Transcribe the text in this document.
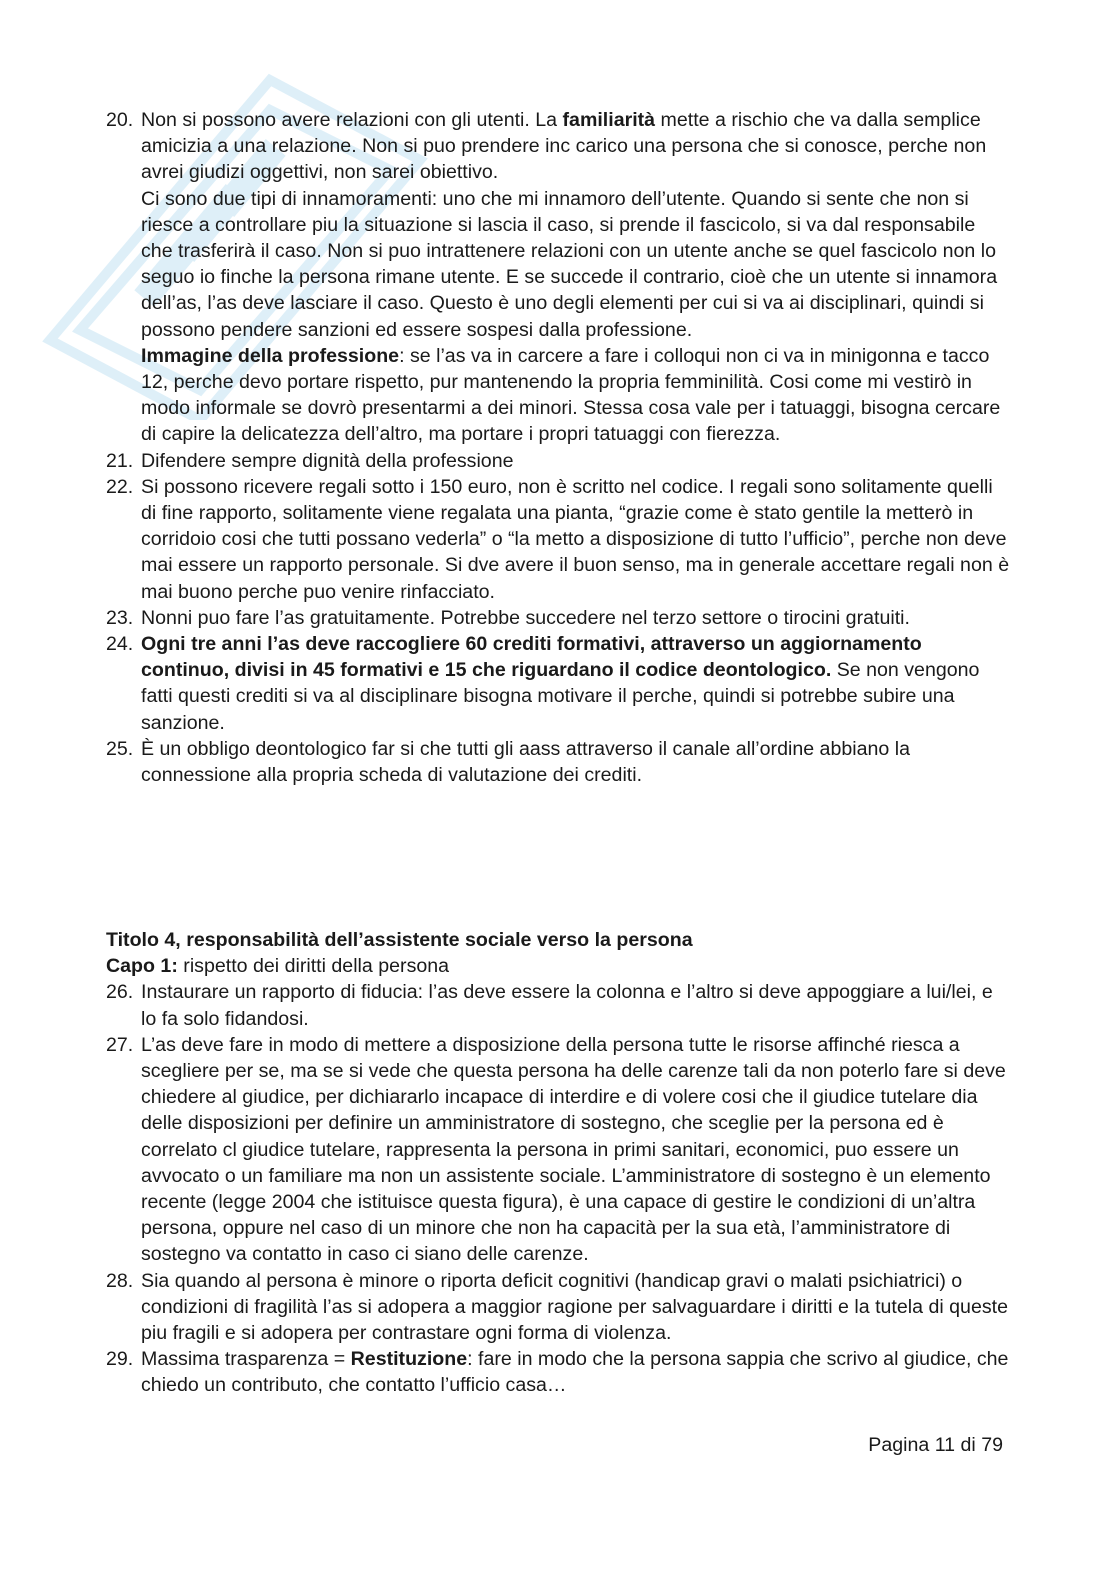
20. Non si possono avere relazioni con gli utenti. La familiarità mette a rischio che va dalla semplice amicizia a una relazione. Non si puo prendere inc carico una persona che si conosce, perche non avrei giudizi oggettivi, non sarei obiettivo.
Ci sono due tipi di innamoramenti: uno che mi innamoro dell’utente. Quando si sente che non si riesce a controllare piu la situazione si lascia il caso, si prende il fascicolo, si va dal responsabile che trasferirà il caso. Non si puo intrattenere relazioni con un utente anche se quel fascicolo non lo seguo io finche la persona rimane utente. E se succede il contrario, cioè che un utente si innamora dell’as, l’as deve lasciare il caso. Questo è uno degli elementi per cui si va ai disciplinari, quindi si possono pendere sanzioni ed essere sospesi dalla professione.
Immagine della professione: se l’as va in carcere a fare i colloqui non ci va in minigonna e tacco 12, perche devo portare rispetto, pur mantenendo la propria femminilità. Cosi come mi vestirò in modo informale se dovrò presentarmi a dei minori. Stessa cosa vale per i tatuaggi, bisogna cercare di capire la delicatezza dell’altro, ma portare i propri tatuaggi con fierezza.
21. Difendere sempre dignità della professione
22. Si possono ricevere regali sotto i 150 euro, non è scritto nel codice. I regali sono solitamente quelli di fine rapporto, solitamente viene regalata una pianta, “grazie come è stato gentile la metterò in corridoio cosi che tutti possano vederla” o “la metto a disposizione di tutto l’ufficio”, perche non deve mai essere un rapporto personale. Si dve avere il buon senso, ma in generale accettare regali non è mai buono perche puo venire rinfacciato.
23. Nonni puo fare l’as gratuitamente. Potrebbe succedere nel terzo settore o tirocini gratuiti.
24. Ogni tre anni l’as deve raccogliere 60 crediti formativi, attraverso un aggiornamento continuo, divisi in 45 formativi e 15 che riguardano il codice deontologico. Se non vengono fatti questi crediti si va al disciplinare bisogna motivare il perche, quindi si potrebbe subire una sanzione.
25. È un obbligo deontologico far si che tutti gli aass attraverso il canale all’ordine abbiano la connessione alla propria scheda di valutazione dei crediti.
Titolo 4, responsabilità dell’assistente sociale verso la persona
Capo 1: rispetto dei diritti della persona
26. Instaurare un rapporto di fiducia: l’as deve essere la colonna e l’altro si deve appoggiare a lui/lei, e lo fa solo fidandosi.
27. L’as deve fare in modo di mettere a disposizione della persona tutte le risorse affinché riesca a scegliere per se, ma se si vede che questa persona ha delle carenze tali da non poterlo fare si deve chiedere al giudice, per dichiararlo incapace di interdire e di volere cosi che il giudice tutelare dia delle disposizioni per definire un amministratore di sostegno, che sceglie per la persona ed è correlato cl giudice tutelare, rappresenta la persona in primi sanitari, economici, puo essere un avvocato o un familiare ma non un assistente sociale. L’amministratore di sostegno è un elemento recente (legge 2004 che istituisce questa figura), è una capace di gestire le condizioni di un’altra persona, oppure nel caso di un minore che non ha capacità per la sua età, l’amministratore di sostegno va contatto in caso ci siano delle carenze.
28. Sia quando al persona è minore o riporta deficit cognitivi (handicap gravi o malati psichiatrici) o condizioni di fragilità l’as si adopera a maggior ragione per salvaguardare i diritti e la tutela di queste piu fragili e si adopera per contrastare ogni forma di violenza.
29. Massima trasparenza = Restituzione: fare in modo che la persona sappia che scrivo al giudice, che chiedo un contributo, che contatto l’ufficio casa…
Pagina 11 di 79
